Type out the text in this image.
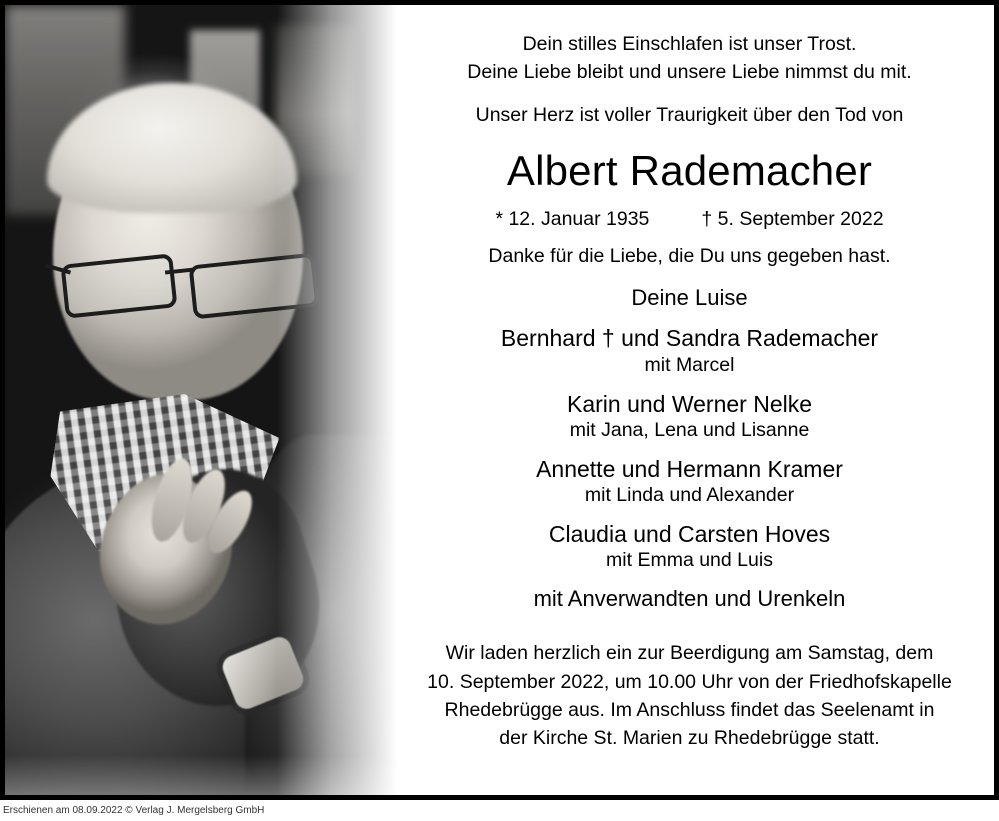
Dein stilles Einschlafen ist unser Trost.
Deine Liebe bleibt und unsere Liebe nimmst du mit.
Unser Herz ist voller Traurigkeit über den Tod von
Albert Rademacher
* 12. Januar 1935	† 5. September 2022
Danke für die Liebe, die Du uns gegeben hast.
Deine Luise
Bernhard † und Sandra Rademacher
mit Marcel
Karin und Werner Nelke
mit Jana, Lena und Lisanne
Annette und Hermann Kramer
mit Linda und Alexander
Claudia und Carsten Hoves
mit Emma und Luis
mit Anverwandten und Urenkeln
Wir laden herzlich ein zur Beerdigung am Samstag, dem
10. September 2022, um 10.00 Uhr von der Friedhofskapelle
Rhedebrügge aus. Im Anschluss findet das Seelenamt in
der Kirche St. Marien zu Rhedebrügge statt.
Erschienen am 08.09.2022 © Verlag J. Mergelsberg GmbH
